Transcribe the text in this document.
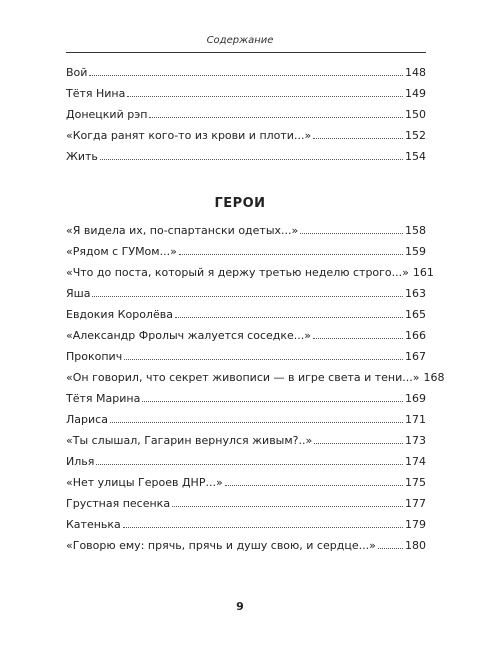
Содержание
Вой	148
Тётя Нина	149
Донецкий рэп	150
«Когда ранят кого-то из крови и плоти...»	152
Жить	154
ГЕРОИ
«Я видела их, по-спартански одетых...»	158
«Рядом с ГУМом...»	159
«Что до поста, который я держу третью неделю строго...» 161
Яша	163
Евдокия Королёва	165
«Александр Фролыч жалуется соседке...»	166
Прокопич	167
«Он говорил, что секрет живописи — в игре света и тени...» 168
Тётя Марина	169
Лариса	171
«Ты слышал, Гагарин вернулся живым?..»	173
Илья	174
«Нет улицы Героев ДНР...»	175
Грустная песенка	177
Катенька	179
«Говорю ему: прячь, прячь и душу свою, и сердце...»	180
9
